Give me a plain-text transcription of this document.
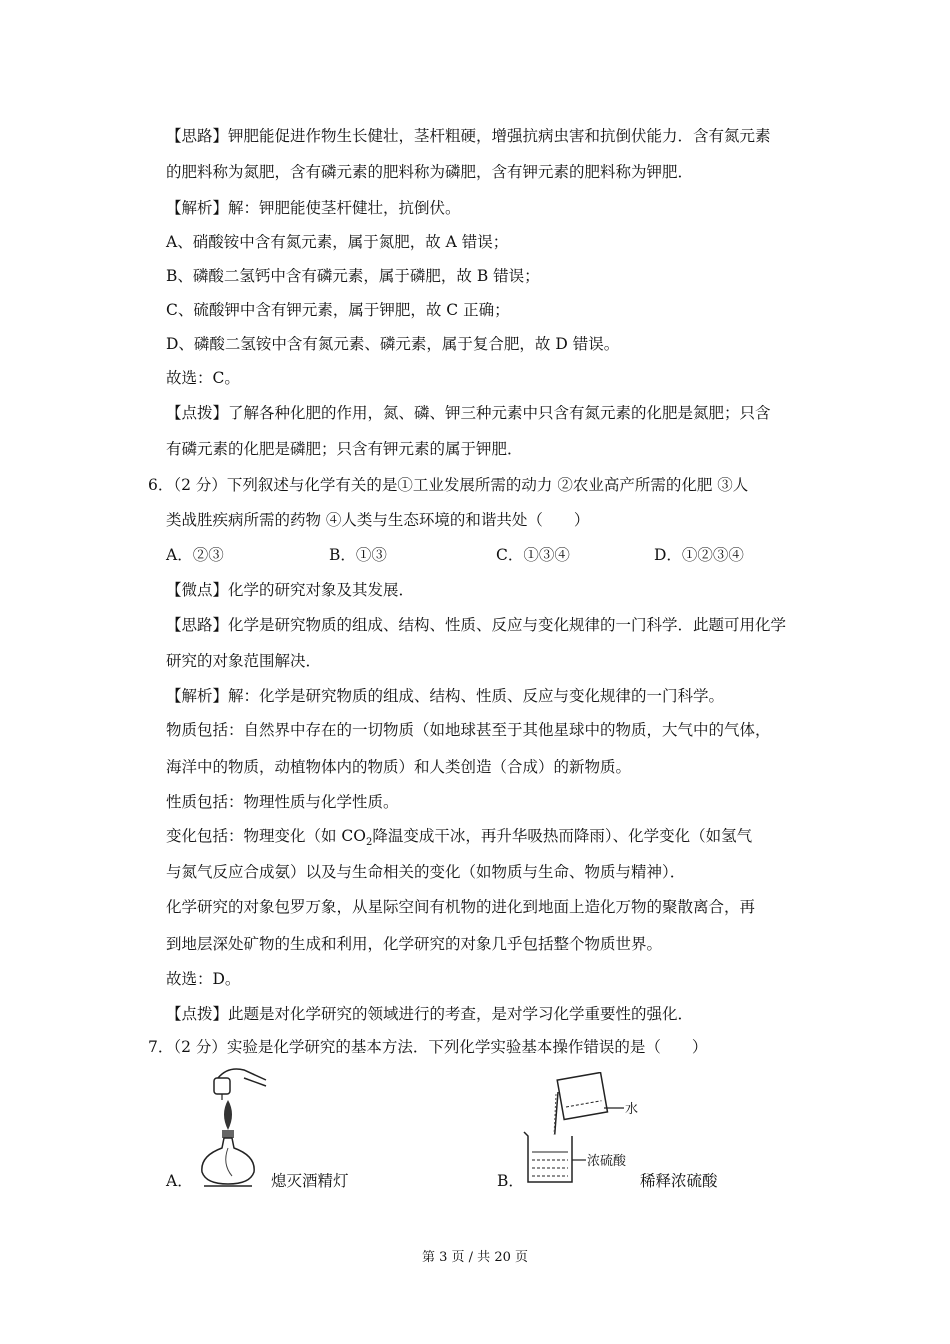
【思路】钾肥能促进作物生长健壮，茎杆粗硬，增强抗病虫害和抗倒伏能力．含有氮元素
的肥料称为氮肥，含有磷元素的肥料称为磷肥，含有钾元素的肥料称为钾肥．
【解析】解：钾肥能使茎杆健壮，抗倒伏。
A、硝酸铵中含有氮元素，属于氮肥，故 A 错误；
B、磷酸二氢钙中含有磷元素，属于磷肥，故 B 错误；
C、硫酸钾中含有钾元素，属于钾肥，故 C 正确；
D、磷酸二氢铵中含有氮元素、磷元素，属于复合肥，故 D 错误。
故选：C。
【点拨】了解各种化肥的作用，氮、磷、钾三种元素中只含有氮元素的化肥是氮肥；只含
有磷元素的化肥是磷肥；只含有钾元素的属于钾肥．
6．（2 分）下列叙述与化学有关的是①工业发展所需的动力 ②农业高产所需的化肥 ③人
类战胜疾病所需的药物 ④人类与生态环境的和谐共处（　　）
A．②③	B．①③	C．①③④	D．①②③④
【微点】化学的研究对象及其发展．
【思路】化学是研究物质的组成、结构、性质、反应与变化规律的一门科学．此题可用化学
研究的对象范围解决．
【解析】解：化学是研究物质的组成、结构、性质、反应与变化规律的一门科学。
物质包括：自然界中存在的一切物质（如地球甚至于其他星球中的物质，大气中的气体，
海洋中的物质，动植物体内的物质）和人类创造（合成）的新物质。
性质包括：物理性质与化学性质。
变化包括：物理变化（如 $CO_2$降温变成干冰，再升华吸热而降雨）、化学变化（如氢气
与氮气反应合成氨）以及与生命相关的变化（如物质与生命、物质与精神）．
化学研究的对象包罗万象，从星际空间有机物的进化到地面上造化万物的聚散离合，再
到地层深处矿物的生成和利用，化学研究的对象几乎包括整个物质世界。
故选：D。
【点拨】此题是对化学研究的领域进行的考查，是对学习化学重要性的强化．
7．（2 分）实验是化学研究的基本方法．下列化学实验基本操作错误的是（　　）
A．	熄灭酒精灯	B．
水
浓硫酸
稀释浓硫酸
第 3 页 / 共 20 页
